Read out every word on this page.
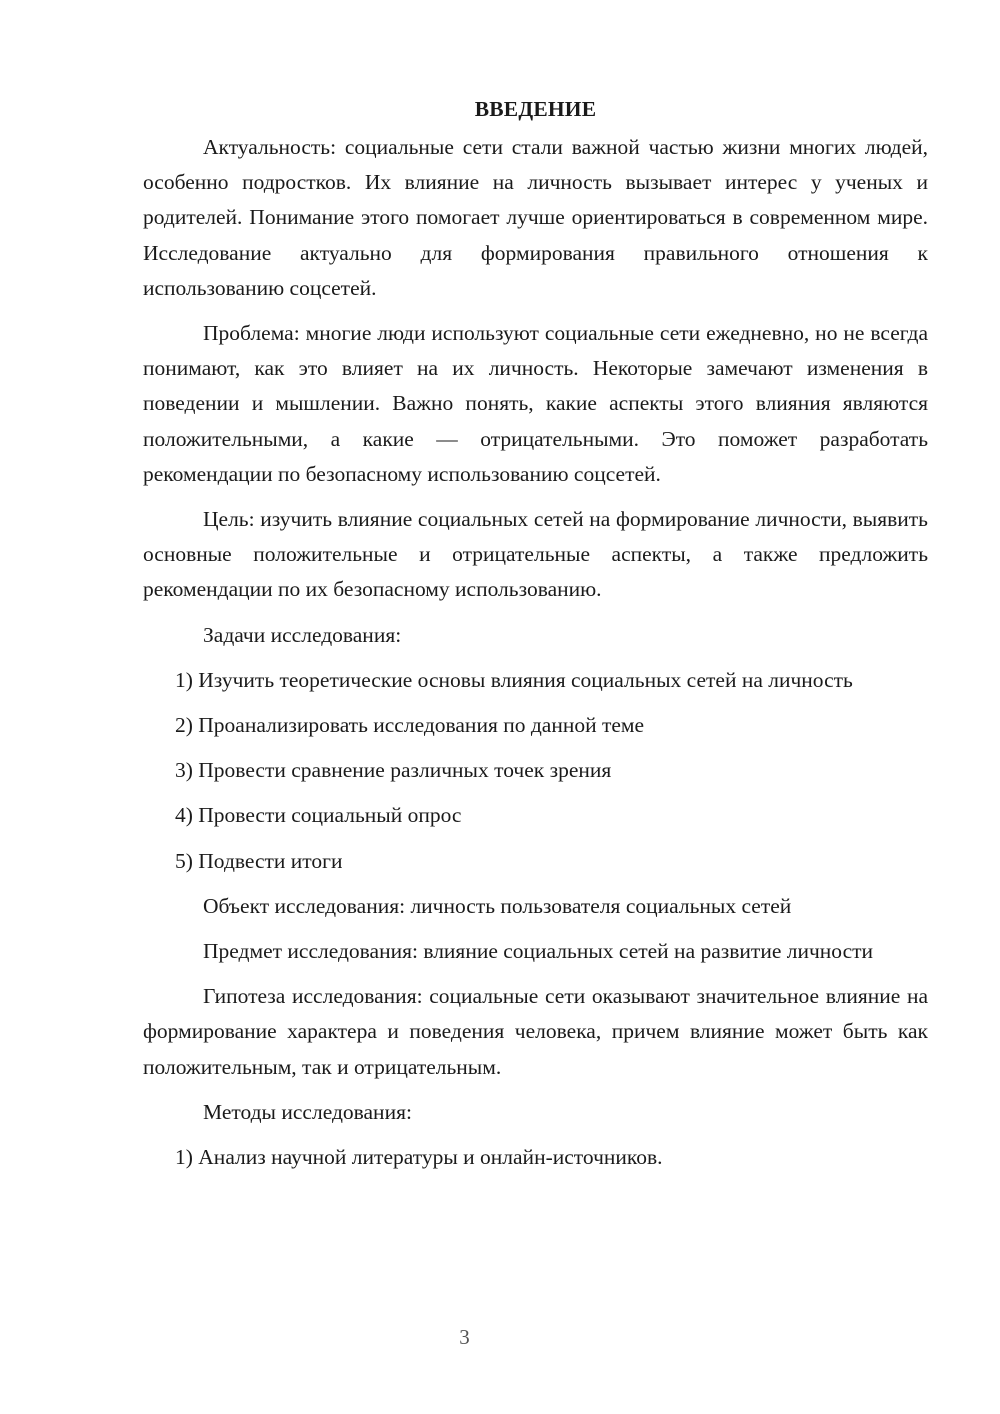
ВВЕДЕНИЕ

Актуальность: социальные сети стали важной частью жизни многих людей, особенно подростков. Их влияние на личность вызывает интерес у ученых и родителей. Понимание этого помогает лучше ориентироваться в современном мире. Исследование актуально для формирования правильного отношения к использованию соцсетей.

Проблема: многие люди используют социальные сети ежедневно, но не всегда понимают, как это влияет на их личность. Некоторые замечают изменения в поведении и мышлении. Важно понять, какие аспекты этого влияния являются положительными, а какие — отрицательными. Это поможет разработать рекомендации по безопасному использованию соцсетей.

Цель: изучить влияние социальных сетей на формирование личности, выявить основные положительные и отрицательные аспекты, а также предложить рекомендации по их безопасному использованию.

Задачи исследования:

1) Изучить теоретические основы влияния социальных сетей на личность

2) Проанализировать исследования по данной теме

3) Провести сравнение различных точек зрения

4) Провести социальный опрос

5) Подвести итоги

Объект исследования: личность пользователя социальных сетей

Предмет исследования: влияние социальных сетей на развитие личности

Гипотеза исследования: социальные сети оказывают значительное влияние на формирование характера и поведения человека, причем влияние может быть как положительным, так и отрицательным.

Методы исследования:

1) Анализ научной литературы и онлайн-источников.

3
